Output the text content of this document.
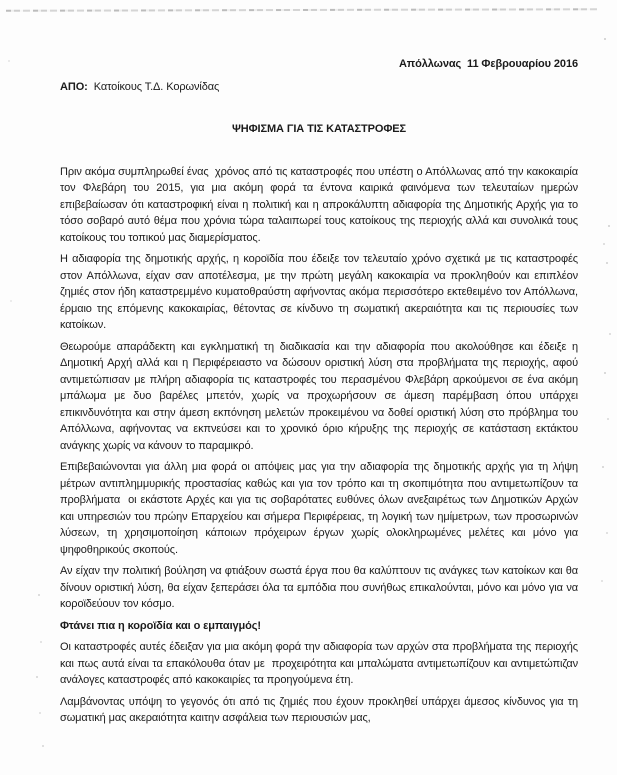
Απόλλωνας  11 Φεβρουαρίου 2016
ΑΠΟ: Κατοίκους Τ.Δ. Κορωνίδας
ΨΗΦΙΣΜΑ ΓΙΑ ΤΙΣ ΚΑΤΑΣΤΡΟΦΕΣ

Πριν ακόμα συμπληρωθεί ένας  χρόνος από τις καταστροφές που υπέστη ο Απόλλωνας από την κακοκαιρία τον Φλεβάρη του 2015, για μια ακόμη φορά τα έντονα καιρικά φαινόμενα των τελευταίων ημερών επιβεβαίωσαν ότι καταστροφική είναι η πολιτική και η απροκάλυπτη αδιαφορία της Δημοτικής Αρχής για το τόσο σοβαρό αυτό θέμα που χρόνια τώρα ταλαιπωρεί τους κατοίκους της περιοχής αλλά και συνολικά τους κατοίκους του τοπικού μας διαμερίσματος.

Η αδιαφορία της δημοτικής αρχής, η κοροϊδία που έδειξε τον τελευταίο χρόνο σχετικά με τις καταστροφές στον Απόλλωνα, είχαν σαν αποτέλεσμα, με την πρώτη μεγάλη κακοκαιρία να προκληθούν και επιπλέον ζημιές στον ήδη καταστρεμμένο κυματοθραύστη αφήνοντας ακόμα περισσότερο εκτεθειμένο τον Απόλλωνα, έρμαιο της επόμενης κακοκαιρίας, θέτοντας σε κίνδυνο τη σωματική ακεραιότητα και τις περιουσίες των κατοίκων.

Θεωρούμε απαράδεκτη και εγκληματική τη διαδικασία και την αδιαφορία που ακολούθησε και έδειξε η Δημοτική Αρχή αλλά και η Περιφέρειαστο να δώσουν οριστική λύση στα προβλήματα της περιοχής, αφού αντιμετώπισαν με πλήρη αδιαφορία τις καταστροφές του περασμένου Φλεβάρη αρκούμενοι σε ένα ακόμη μπάλωμα με δυο βαρέλες μπετόν, χωρίς να προχωρήσουν σε άμεση παρέμβαση όπου υπάρχει επικινδυνότητα και στην άμεση εκπόνηση μελετών προκειμένου να δοθεί οριστική λύση στο πρόβλημα του Απόλλωνα, αφήνοντας να εκπνεύσει και το χρονικό όριο κήρυξης της περιοχής σε κατάσταση εκτάκτου ανάγκης χωρίς να κάνουν το παραμικρό.

Επιβεβαιώνονται για άλλη μια φορά οι απόψεις μας για την αδιαφορία της δημοτικής αρχής για τη λήψη μέτρων αντιπλημμυρικής προστασίας καθώς και για τον τρόπο και τη σκοπιμότητα που αντιμετωπίζουν τα προβλήματα  οι εκάστοτε Αρχές και για τις σοβαρότατες ευθύνες όλων ανεξαιρέτως των Δημοτικών Αρχών και υπηρεσιών του πρώην Επαρχείου και σήμερα Περιφέρειας, τη λογική των ημίμετρων, των προσωρινών λύσεων, τη χρησιμοποίηση κάποιων πρόχειρων έργων χωρίς ολοκληρωμένες μελέτες και μόνο για ψηφοθηρικούς σκοπούς.

Αν είχαν την πολιτική βούληση να φτιάξουν σωστά έργα που θα καλύπτουν τις ανάγκες των κατοίκων και θα δίνουν οριστική λύση, θα είχαν ξεπεράσει όλα τα εμπόδια που συνήθως επικαλούνται, μόνο και μόνο για να κοροϊδεύουν τον κόσμο.

Φτάνει πια η κοροϊδία και ο εμπαιγμός!

Οι καταστροφές αυτές έδειξαν για μια ακόμη φορά την αδιαφορία των αρχών στα προβλήματα της περιοχής και πως αυτά είναι τα επακόλουθα όταν με  προχειρότητα και μπαλώματα αντιμετωπίζουν και αντιμετώπιζαν ανάλογες καταστροφές από κακοκαιρίες τα προηγούμενα έτη.

Λαμβάνοντας υπόψη το γεγονός ότι από τις ζημιές που έχουν προκληθεί υπάρχει άμεσος κίνδυνος για τη σωματική μας ακεραιότητα καιτην ασφάλεια των περιουσιών μας,
